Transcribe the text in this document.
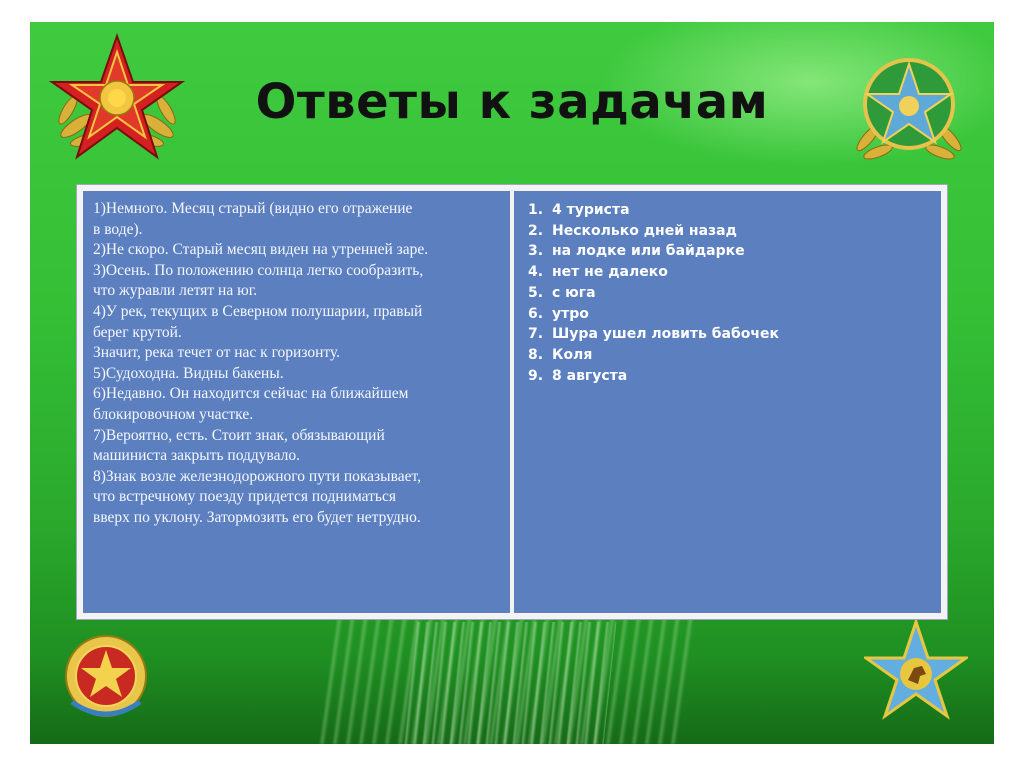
Ответы к задачам
1)Немного. Месяц старый (видно его отражение
в воде).
2)Не скоро. Старый месяц виден на утренней заре.
3)Осень. По положению солнца легко сообразить,
что журавли летят на юг.
4)У рек, текущих в Северном полушарии, правый
берег крутой.
Значит, река течет от нас к горизонту.
5)Судоходна. Видны бакены.
6)Недавно. Он находится сейчас на ближайшем
блокировочном участке.
7)Вероятно, есть. Стоит знак, обязывающий
машиниста закрыть поддувало.
8)Знак возле железнодорожного пути показывает,
что встречному поезду придется подниматься
вверх по уклону. Затормозить его будет нетрудно.
1. 4 туриста
2. Несколько дней назад
3. на лодке или байдарке
4. нет не далеко
5. с юга
6. утро
7. Шура ушел ловить бабочек
8. Коля
9. 8 августа
